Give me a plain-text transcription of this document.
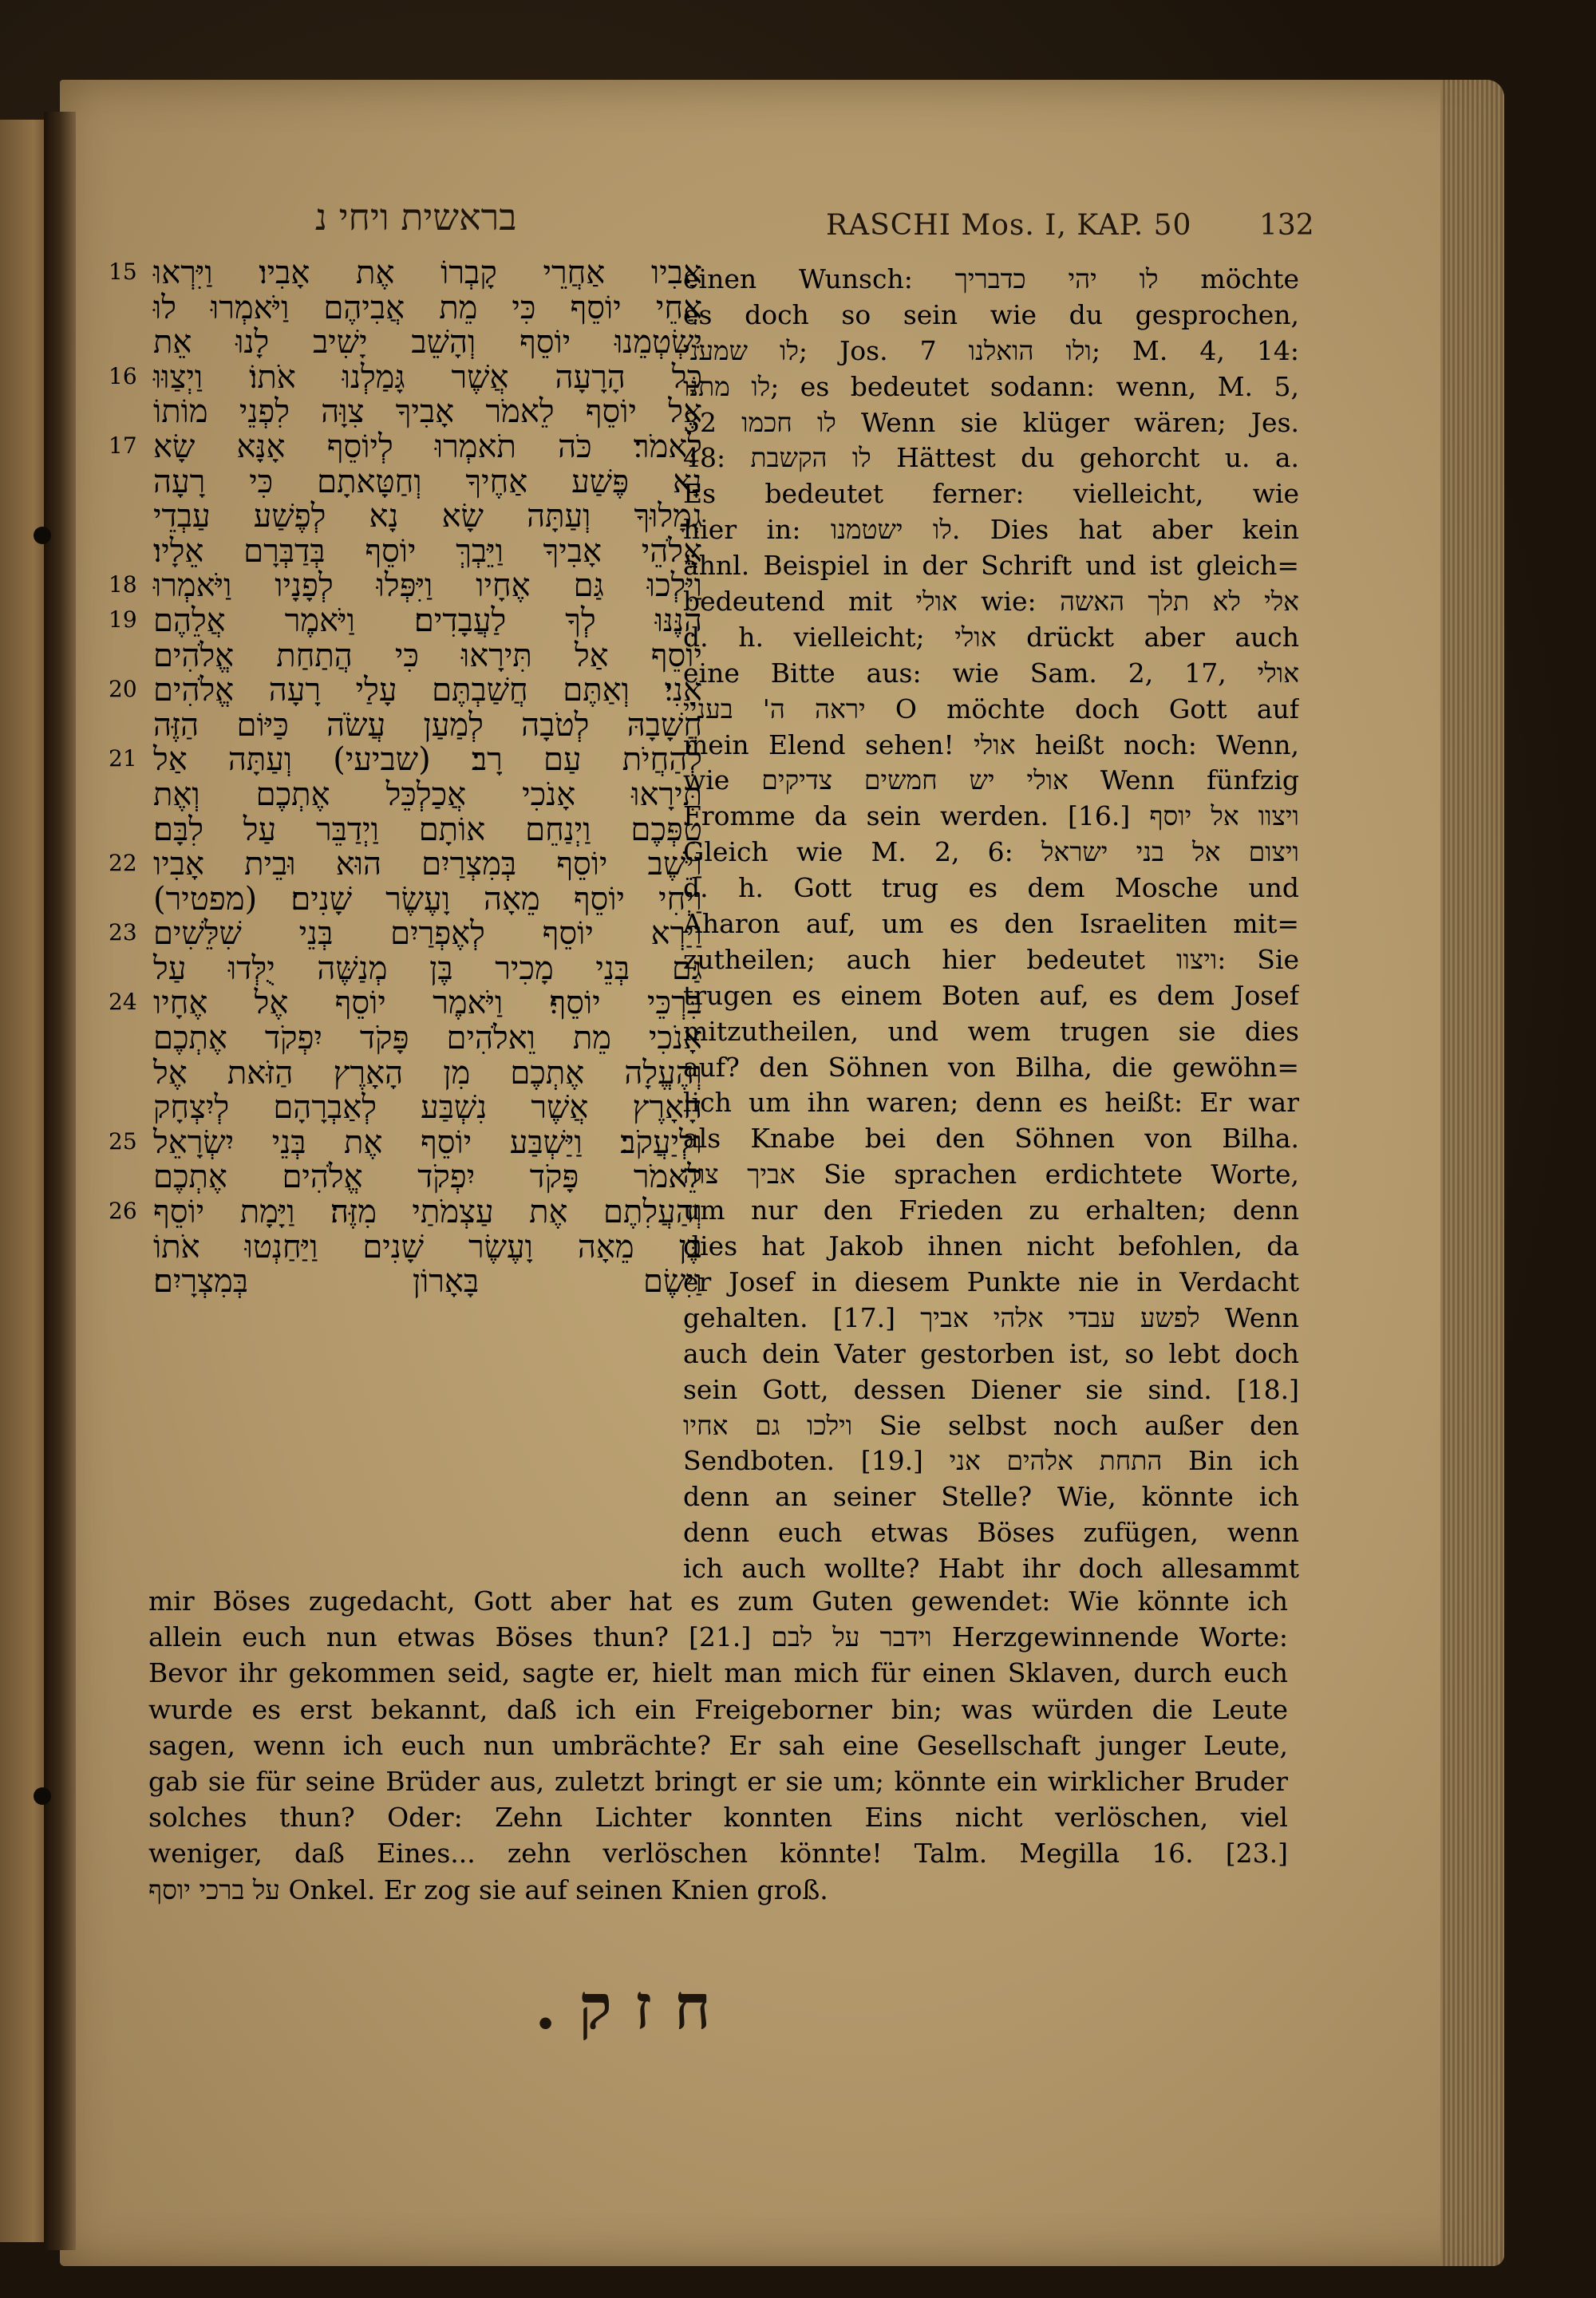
בראשית ויחי נ	RASCHI Mos. I, KAP. 50 132
15 אָבִיו אַחֲרֵי קָבְרוֹ אֶת אָבִיו׃ וַיִּרְאוּ
אֲחֵי יוֹסֵף כִּי מֵת אֲבִיהֶם וַיֹּאמְרוּ לוּ
יִשְׂטְמֵנוּ יוֹסֵף וְהָשֵׁב יָשִׁיב לָנוּ אֵת
16 כָּל הָרָעָה אֲשֶׁר גָּמַלְנוּ אֹתוֹ׃ וַיְצַוּוּ
אֶל יוֹסֵף לֵאמֹר אָבִיךָ צִוָּה לִפְנֵי מוֹתוֹ
17 לֵאמֹר׃ כֹּה תֹאמְרוּ לְיוֹסֵף אָנָּא שָׂא
נָא פֶּשַׁע אַחֶיךָ וְחַטָּאתָם כִּי רָעָה
גְמָלוּךָ וְעַתָּה שָׂא נָא לְפֶשַׁע עַבְדֵי
אֱלֹהֵי אָבִיךָ וַיֵּבְךְּ יוֹסֵף בְּדַבְּרָם אֵלָיו׃
18 וַיֵּלְכוּ גַּם אֶחָיו וַיִּפְּלוּ לְפָנָיו וַיֹּאמְרוּ
19 הִנֶּנּוּ לְךָ לַעֲבָדִים׃ וַיֹּאמֶר אֲלֵהֶם
יוֹסֵף אַל תִּירָאוּ כִּי הֲתַחַת אֱלֹהִים
20 אָנִי׃ וְאַתֶּם חֲשַׁבְתֶּם עָלַי רָעָה אֱלֹהִים
חֲשָׁבָהּ לְטֹבָה לְמַעַן עֲשֹׂה כַּיּוֹם הַזֶּה
21 לְהַחֲיֹת עַם רָב׃ (שביעי) וְעַתָּה אַל
תִּירָאוּ אָנֹכִי אֲכַלְכֵּל אֶתְכֶם וְאֶת
טַפְּכֶם וַיְנַחֵם אוֹתָם וַיְדַבֵּר עַל לִבָּם׃
22 וַיֵּשֶׁב יוֹסֵף בְּמִצְרַיִם הוּא וּבֵית אָבִיו
וַיְחִי יוֹסֵף מֵאָה וָעֶשֶׂר שָׁנִים׃ (מפטיר)
23 וַיַּרְא יוֹסֵף לְאֶפְרַיִם בְּנֵי שִׁלֵּשִׁים
גַּם בְּנֵי מָכִיר בֶּן מְנַשֶּׁה יֻלְּדוּ עַל
24 בִּרְכֵּי יוֹסֵף׃ וַיֹּאמֶר יוֹסֵף אֶל אֶחָיו
אָנֹכִי מֵת וֵאלֹהִים פָּקֹד יִפְקֹד אֶתְכֶם
וְהֶעֱלָה אֶתְכֶם מִן הָאָרֶץ הַזֹּאת אֶל
הָאָרֶץ אֲשֶׁר נִשְׁבַּע לְאַבְרָהָם לְיִצְחָק
25 וּלְיַעֲקֹב׃ וַיַּשְׁבַּע יוֹסֵף אֶת בְּנֵי יִשְׂרָאֵל
לֵאמֹר פָּקֹד יִפְקֹד אֱלֹהִים אֶתְכֶם
26 וְהַעֲלִתֶם אֶת עַצְמֹתַי מִזֶּה׃ וַיָּמָת יוֹסֵף
בֶּן מֵאָה וָעֶשֶׂר שָׁנִים וַיַּחַנְטוּ אֹתוֹ
וַיִּשֶׂם בָּאָרוֹן בְּמִצְרָיִם׃
einen Wunsch: לו יהי כדבריך möchte
es doch so sein wie du gesprochen,
לו שמעני; Jos. 7 ולו הואלנו; M. 4, 14:
לו מתנו; es bedeutet sodann: wenn, M. 5,
32 לו חכמו Wenn sie klüger wären; Jes.
48: לו הקשבת Hättest du gehorcht u. a.
Es bedeutet ferner: vielleicht, wie
hier in: לו ישטמנו. Dies hat aber kein
ähnl. Beispiel in der Schrift und ist gleich=
bedeutend mit אולי wie: אלי לא תלך האשה
d. h. vielleicht; אולי drückt aber auch
eine Bitte aus: wie Sam. 2, 17, אולי
יראה ה' בעניי O möchte doch Gott auf
mein Elend sehen! אולי heißt noch: Wenn,
wie אולי יש חמשים צדיקים Wenn fünfzig
Fromme da sein werden. [16.] ויצוו אל יוסף
Gleich wie M. 2, 6: ויצום אל בני ישראל
d. h. Gott trug es dem Mosche und
Aharon auf, um es den Israeliten mit=
zutheilen; auch hier bedeutet ויצוו: Sie
trugen es einem Boten auf, es dem Josef
mitzutheilen, und wem trugen sie dies
auf? den Söhnen von Bilha, die gewöhn=
lich um ihn waren; denn es heißt: Er war
als Knabe bei den Söhnen von Bilha.
אביך צוה Sie sprachen erdichtete Worte,
um nur den Frieden zu erhalten; denn
dies hat Jakob ihnen nicht befohlen, da
er Josef in diesem Punkte nie in Verdacht
gehalten. [17.] לפשע עבדי אלהי אביך Wenn
auch dein Vater gestorben ist, so lebt doch
sein Gott, dessen Diener sie sind. [18.]
וילכו גם אחיו Sie selbst noch außer den
Sendboten. [19.] התחת אלהים אני Bin ich
denn an seiner Stelle? Wie, könnte ich
denn euch etwas Böses zufügen, wenn
ich auch wollte? Habt ihr doch allesammt
mir Böses zugedacht, Gott aber hat es zum Guten gewendet: Wie könnte ich
allein euch nun etwas Böses thun? [21.] וידבר על לבם Herzgewinnende Worte:
Bevor ihr gekommen seid, sagte er, hielt man mich für einen Sklaven, durch euch
wurde es erst bekannt, daß ich ein Freigeborner bin; was würden die Leute
sagen, wenn ich euch nun umbrächte? Er sah eine Gesellschaft junger Leute,
gab sie für seine Brüder aus, zuletzt bringt er sie um; könnte ein wirklicher Bruder
solches thun? Oder: Zehn Lichter konnten Eins nicht verlöschen, viel
weniger, daß Eines... zehn verlöschen könnte! Talm. Megilla 16. [23.]
על ברכי יוסף Onkel. Er zog sie auf seinen Knien groß.
חזק.
